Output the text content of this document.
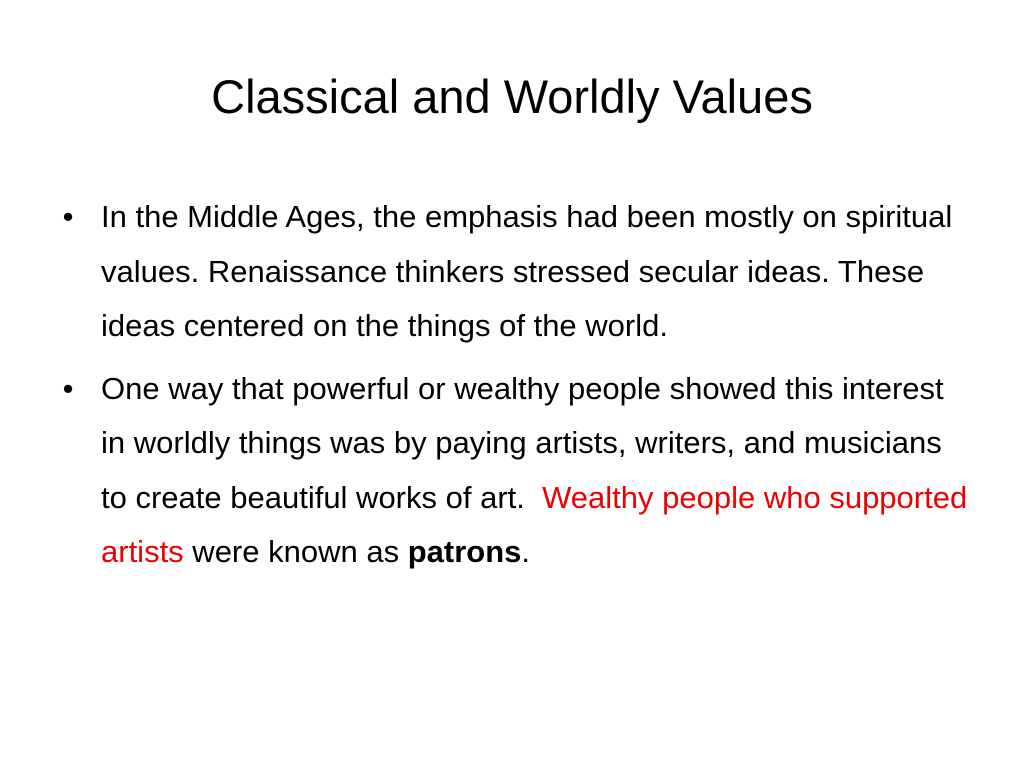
Classical and Worldly Values
• In the Middle Ages, the emphasis had been mostly on spiritual values. Renaissance thinkers stressed secular ideas. These ideas centered on the things of the world.
• One way that powerful or wealthy people showed this interest in worldly things was by paying artists, writers, and musicians to create beautiful works of art.  Wealthy people who supported artists were known as patrons.
